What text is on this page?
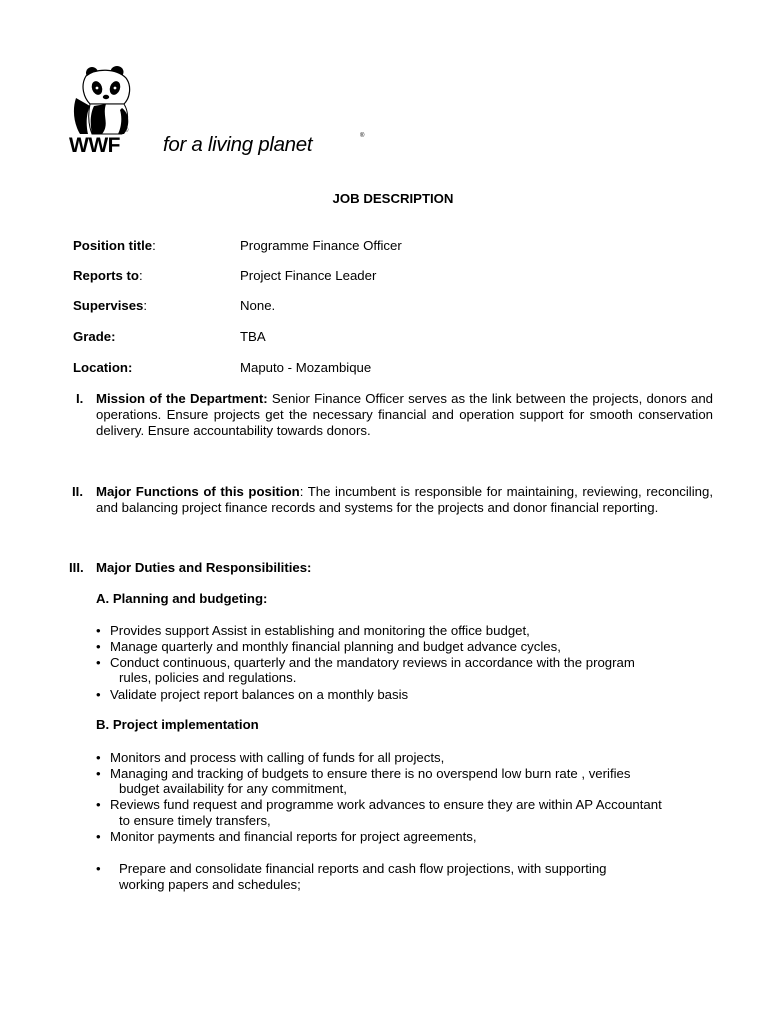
©	®
WWF for a living planet	®
JOB DESCRIPTION
Position title:	Programme Finance Officer
Reports to:	Project Finance Leader
Supervises:	None.
Grade:	TBA
Location:	Maputo - Mozambique
I. Mission of the Department: Senior Finance Officer serves as the link between the projects, donors and operations. Ensure projects get the necessary financial and operation support for smooth conservation delivery. Ensure accountability towards donors.
II. Major Functions of this position: The incumbent is responsible for maintaining, reviewing, reconciling, and balancing project finance records and systems for the projects and donor financial reporting.
III. Major Duties and Responsibilities:
A. Planning and budgeting:
• Provides support Assist in establishing and monitoring the office budget,
• Manage quarterly and monthly financial planning and budget advance cycles,
• Conduct continuous, quarterly and the mandatory reviews in accordance with the program
rules, policies and regulations.
• Validate project report balances on a monthly basis
B. Project implementation
• Monitors and process with calling of funds for all projects,
• Managing and tracking of budgets to ensure there is no overspend low burn rate , verifies
budget availability for any commitment,
• Reviews fund request and programme work advances to ensure they are within AP Accountant
to ensure timely transfers,
• Monitor payments and financial reports for project agreements,
• Prepare and consolidate financial reports and cash flow projections, with supporting
working papers and schedules;
